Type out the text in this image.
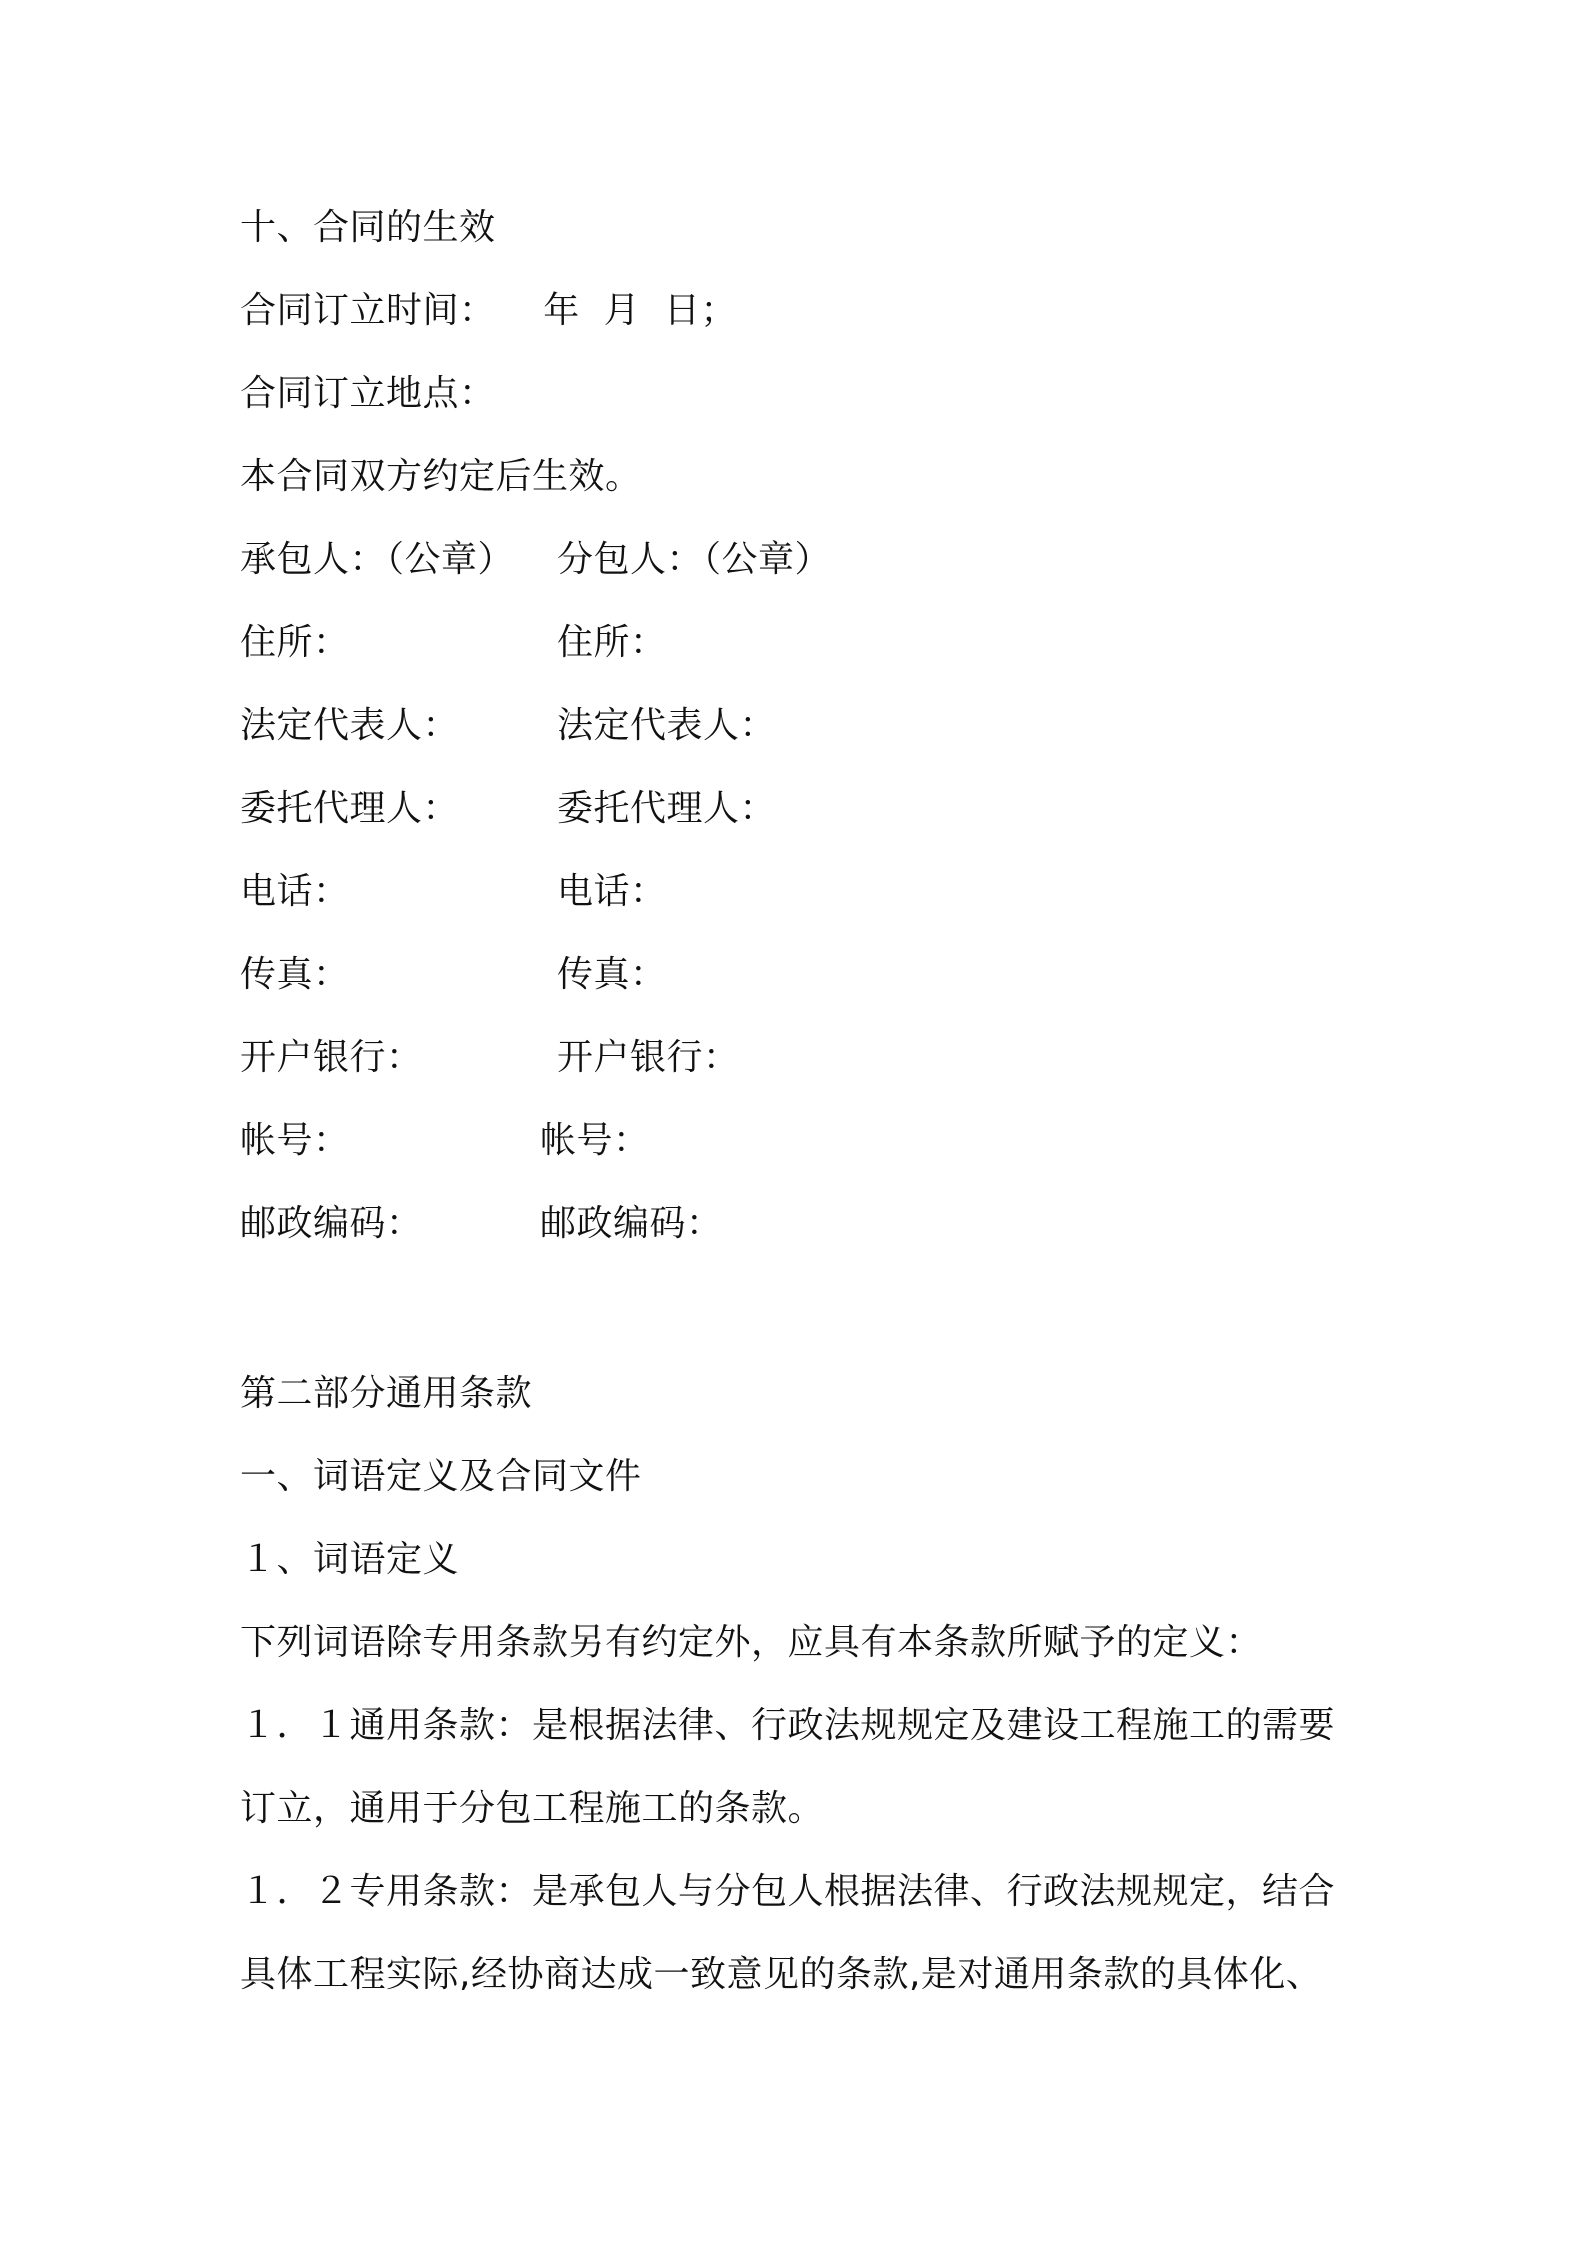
十、合同的生效
合同订立时间：    年  月  日；
合同订立地点：
本合同双方约定后生效。
承包人：（公章） 分包人：（公章）
住所：	住所：
法定代表人：	法定代表人：
委托代理人：	委托代理人：
电话：	电话：
传真：	传真：
开户银行：	开户银行：
帐号：	帐号：
邮政编码：	邮政编码：
第二部分通用条款
一、词语定义及合同文件
１、词语定义
下列词语除专用条款另有约定外，应具有本条款所赋予的定义：
１．１通用条款：是根据法律、行政法规规定及建设工程施工的需要
订立，通用于分包工程施工的条款。
１．２专用条款：是承包人与分包人根据法律、行政法规规定，结合
具体工程实际,经协商达成一致意见的条款,是对通用条款的具体化、
